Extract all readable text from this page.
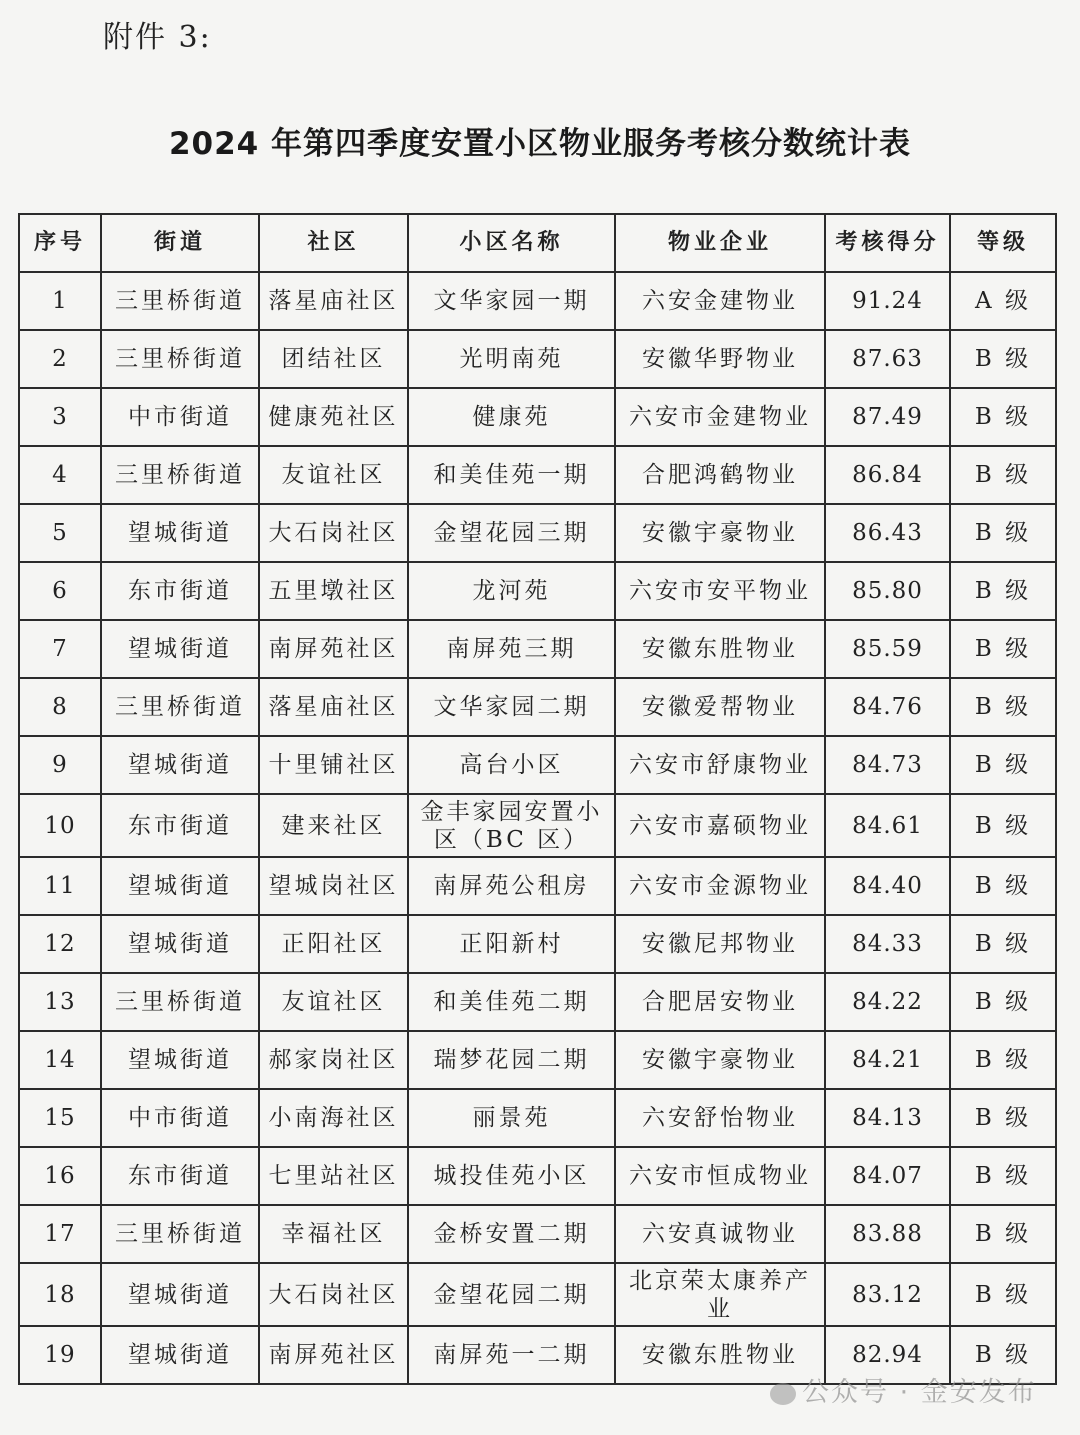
附件 3:
2024 年第四季度安置小区物业服务考核分数统计表
序号	街道	社区	小区名称	物业企业	考核得分	等级
1	三里桥街道	落星庙社区	文华家园一期	六安金建物业	91.24	A 级
2	三里桥街道	团结社区	光明南苑	安徽华野物业	87.63	B 级
3	中市街道	健康苑社区	健康苑	六安市金建物业	87.49	B 级
4	三里桥街道	友谊社区	和美佳苑一期	合肥鸿鹤物业	86.84	B 级
5	望城街道	大石岗社区	金望花园三期	安徽宇豪物业	86.43	B 级
6	东市街道	五里墩社区	龙河苑	六安市安平物业	85.80	B 级
7	望城街道	南屏苑社区	南屏苑三期	安徽东胜物业	85.59	B 级
8	三里桥街道	落星庙社区	文华家园二期	安徽爱帮物业	84.76	B 级
9	望城街道	十里铺社区	高台小区	六安市舒康物业	84.73	B 级
10	东市街道	建来社区	金丰家园安置小区（BC 区）	六安市嘉硕物业	84.61	B 级
11	望城街道	望城岗社区	南屏苑公租房	六安市金源物业	84.40	B 级
12	望城街道	正阳社区	正阳新村	安徽尼邦物业	84.33	B 级
13	三里桥街道	友谊社区	和美佳苑二期	合肥居安物业	84.22	B 级
14	望城街道	郝家岗社区	瑞梦花园二期	安徽宇豪物业	84.21	B 级
15	中市街道	小南海社区	丽景苑	六安舒怡物业	84.13	B 级
16	东市街道	七里站社区	城投佳苑小区	六安市恒成物业	84.07	B 级
17	三里桥街道	幸福社区	金桥安置二期	六安真诚物业	83.88	B 级
18	望城街道	大石岗社区	金望花园二期	北京荣太康养产业	83.12	B 级
19	望城街道	南屏苑社区	南屏苑一二期	安徽东胜物业	82.94	B 级
公众号 · 金安发布
